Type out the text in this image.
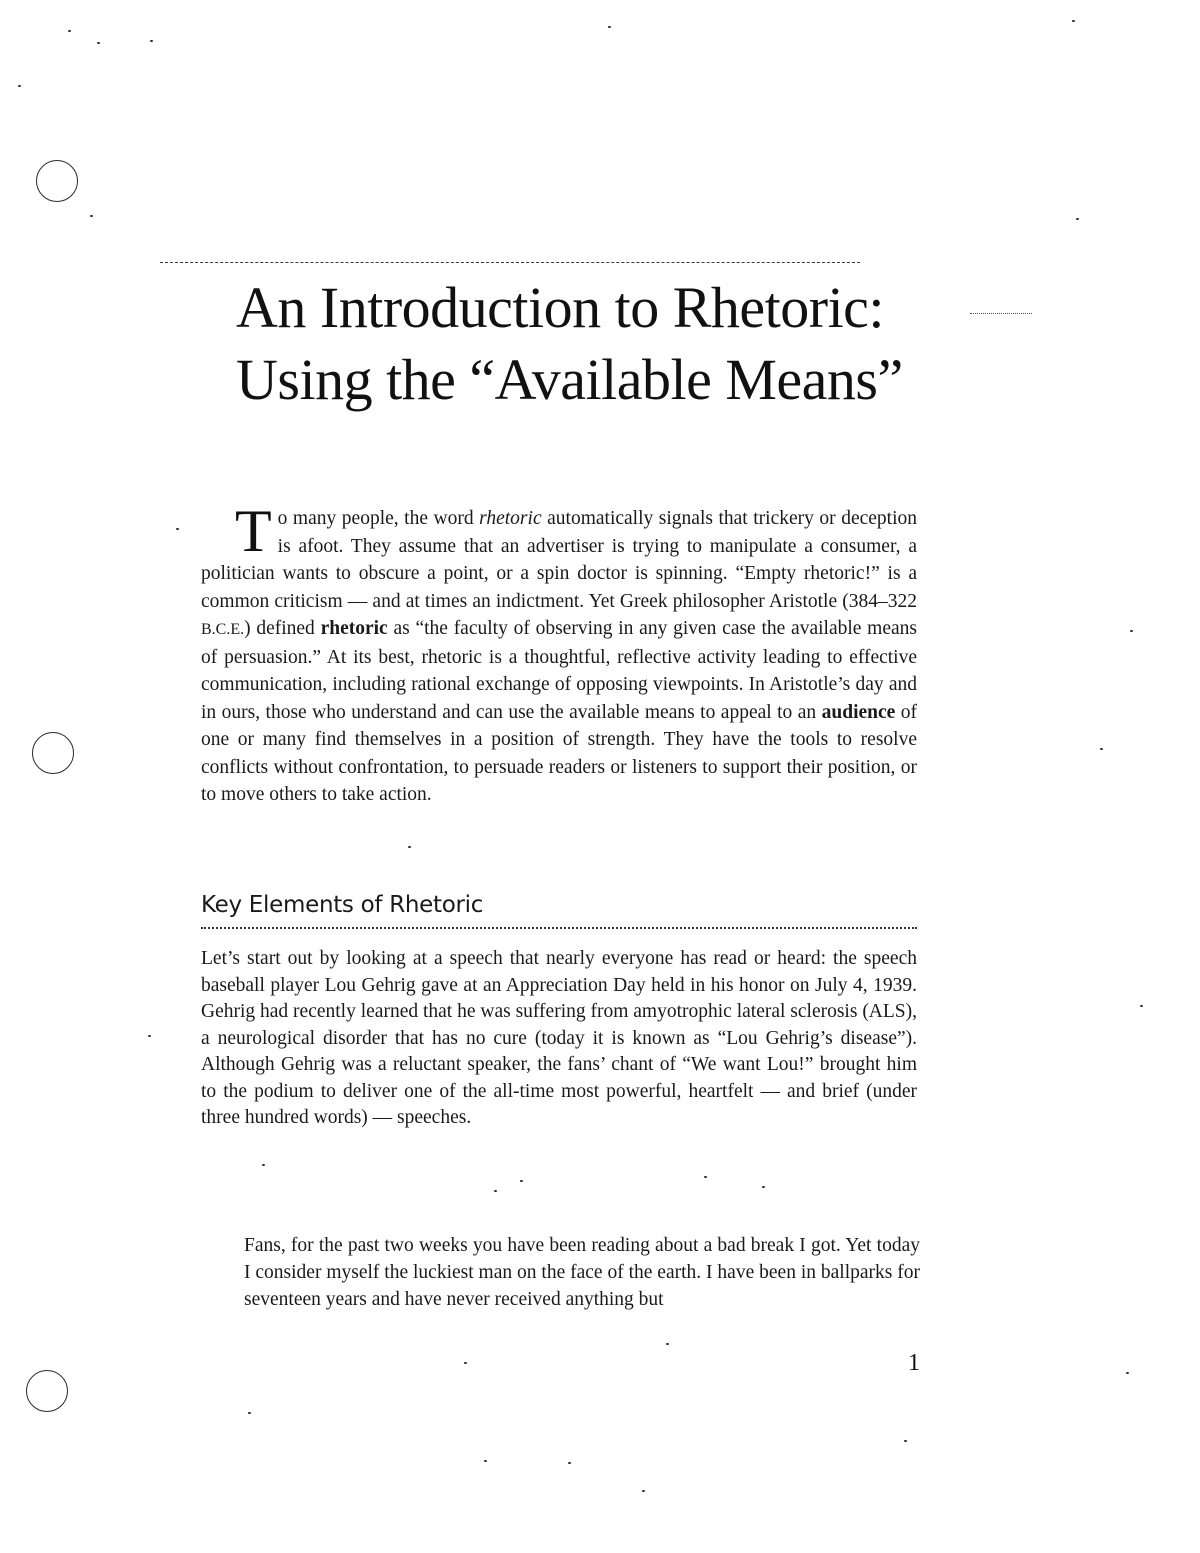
An Introduction to Rhetoric:
Using the “Available Means”

To many people, the word rhetoric automatically signals that trickery or deception is afoot. They assume that an advertiser is trying to manipulate a consumer, a politician wants to obscure a point, or a spin doctor is spinning. “Empty rhetoric!” is a common criticism — and at times an indictment. Yet Greek philosopher Aristotle (384–322 B.C.E.) defined rhetoric as “the faculty of observing in any given case the available means of persuasion.” At its best, rhetoric is a thoughtful, reflective activity leading to effective communication, including rational exchange of opposing viewpoints. In Aristotle’s day and in ours, those who understand and can use the available means to appeal to an audience of one or many find themselves in a position of strength. They have the tools to resolve conflicts without confrontation, to persuade readers or listeners to support their position, or to move others to take action.

Key Elements of Rhetoric

Let’s start out by looking at a speech that nearly everyone has read or heard: the speech baseball player Lou Gehrig gave at an Appreciation Day held in his honor on July 4, 1939. Gehrig had recently learned that he was suffering from amyotrophic lateral sclerosis (ALS), a neurological disorder that has no cure (today it is known as “Lou Gehrig’s disease”). Although Gehrig was a reluctant speaker, the fans’ chant of “We want Lou!” brought him to the podium to deliver one of the all-time most powerful, heartfelt — and brief (under three hundred words) — speeches.

Fans, for the past two weeks you have been reading about a bad break I got. Yet today I consider myself the luckiest man on the face of the earth. I have been in ballparks for seventeen years and have never received anything but

1
